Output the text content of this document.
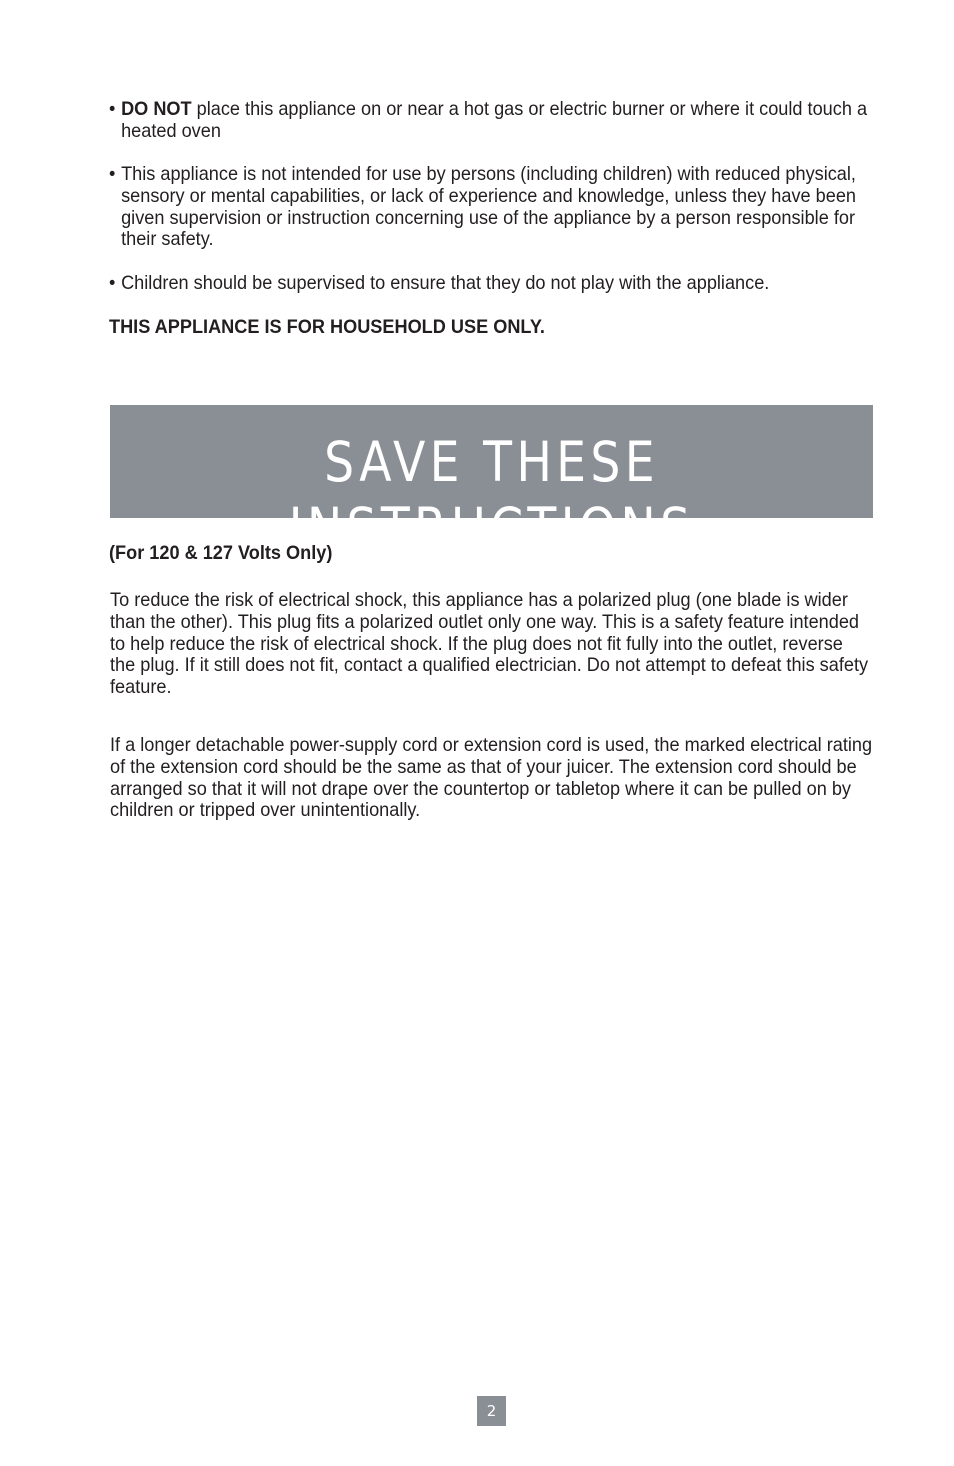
• DO NOT place this appliance on or near a hot gas or electric burner or where it could touch a heated oven
• This appliance is not intended for use by persons (including children) with reduced physical, sensory or mental capabilities, or lack of experience and knowledge, unless they have been given supervision or instruction concerning use of the appliance by a person responsible for their safety.
• Children should be supervised to ensure that they do not play with the appliance.
THIS APPLIANCE IS FOR HOUSEHOLD USE ONLY.
SAVE THESE INSTRUCTIONS
(For 120 & 127 Volts Only)
To reduce the risk of electrical shock, this appliance has a polarized plug (one blade is wider than the other). This plug fits a polarized outlet only one way. This is a safety feature intended to help reduce the risk of electrical shock. If the plug does not fit fully into the outlet, reverse the plug. If it still does not fit, contact a qualified electrician. Do not attempt to defeat this safety feature.
If a longer detachable power-supply cord or extension cord is used, the marked electrical rating of the extension cord should be the same as that of your juicer. The extension cord should be arranged so that it will not drape over the countertop or tabletop where it can be pulled on by children or tripped over unintentionally.
2
